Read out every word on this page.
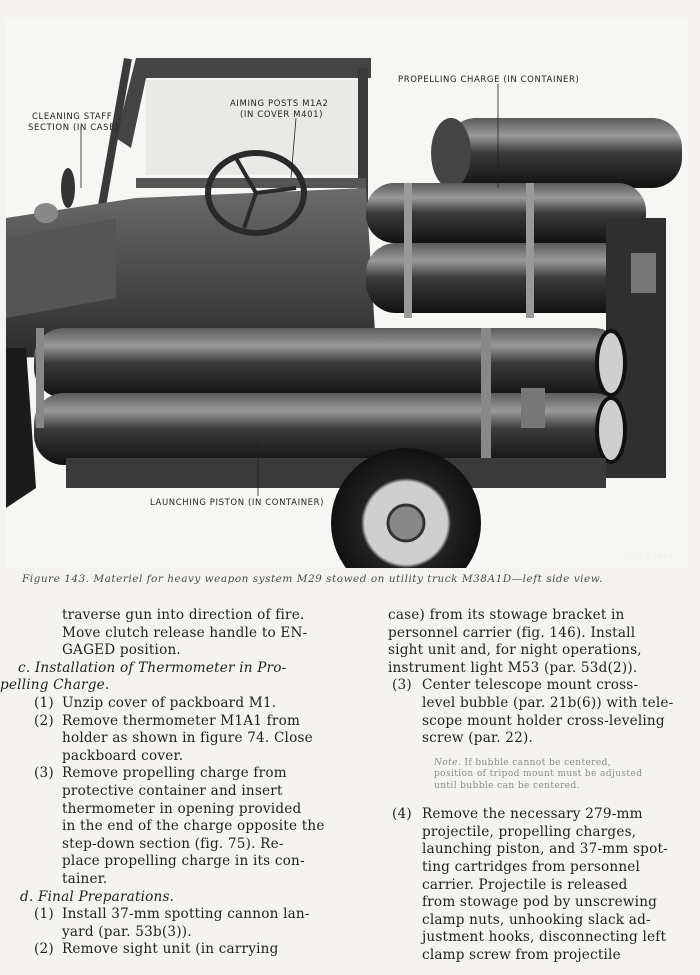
PROPELLING CHARGE (IN CONTAINER)
CLEANING STAFF
SECTION (IN CASE)
AIMING POSTS M1A2
(IN COVER M401)
LAUNCHING PISTON (IN CONTAINER)
ORD F7684
Figure 143. Materiel for heavy weapon system M29 stowed on utility truck M38A1D—left side view.

traverse gun into direction of fire.

Move clutch release handle to EN-

GAGED position.

c. Installation of Thermometer in Pro-

pelling Charge.

(1) Unzip cover of packboard M1.
(2) Remove thermometer M1A1 from
holder as shown in figure 74. Close
packboard cover.
(3) Remove propelling charge from
protective container and insert
thermometer in opening provided
in the end of the charge opposite the
step-down section (fig. 75). Re-
place propelling charge in its con-
tainer.

d. Final Preparations.

(1) Install 37-mm spotting cannon lan-
yard (par. 53b(3)).
(2) Remove sight unit (in carrying
case) from its stowage bracket in
personnel carrier (fig. 146). Install
sight unit and, for night operations,
instrument light M53 (par. 53d(2)).
(3) Center telescope mount cross-
level bubble (par. 21b(6)) with tele-
scope mount holder cross-leveling
screw (par. 22).
Note. If bubble cannot be centered,
position of tripod mount must be adjusted
until bubble can be centered.
(4) Remove the necessary 279-mm
projectile, propelling charges,
launching piston, and 37-mm spot-
ting cartridges from personnel
carrier. Projectile is released
from stowage pod by unscrewing
clamp nuts, unhooking slack ad-
justment hooks, disconnecting left
clamp screw from projectile
